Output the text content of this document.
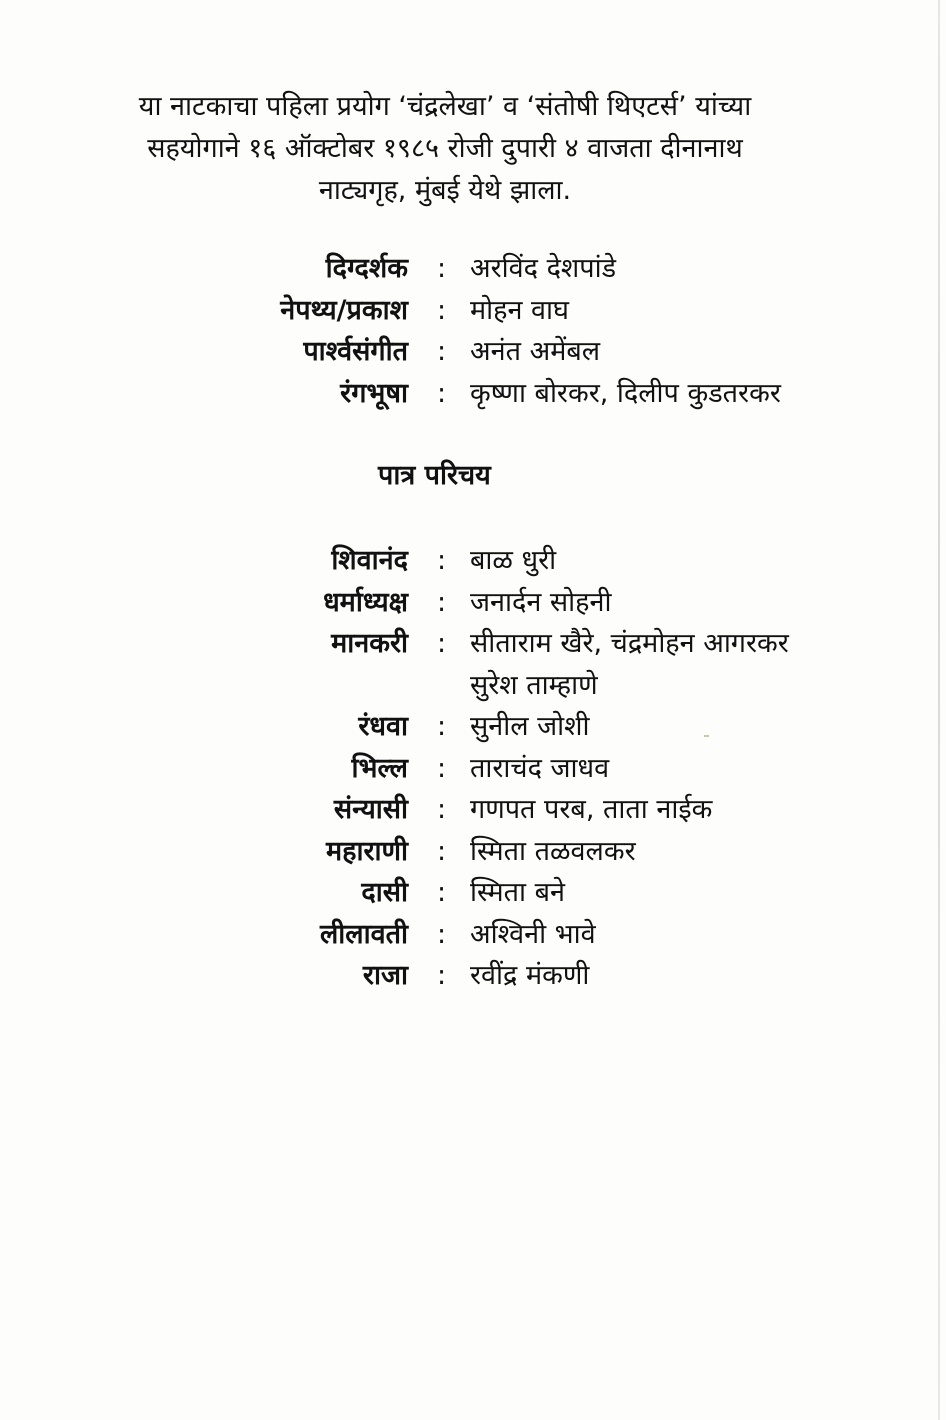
या नाटकाचा पहिला प्रयोग ‘चंद्रलेखा’ व ‘संतोषी थिएटर्स’ यांच्या

सहयोगाने १६ ऑक्टोबर १९८५ रोजी दुपारी ४ वाजता दीनानाथ

नाट्यगृह, मुंबई येथे झाला.

दिग्दर्शक : अरविंद देशपांडे
नेपथ्य/प्रकाश : मोहन वाघ
पार्श्वसंगीत : अनंत अमेंबल
रंगभूषा : कृष्णा बोरकर, दिलीप कुडतरकर
पात्र परिचय
शिवानंद : बाळ धुरी
धर्माध्यक्ष : जनार्दन सोहनी
मानकरी : सीताराम खैरे, चंद्रमोहन आगरकर
सुरेश ताम्हाणे
रंधवा : सुनील जोशी
भिल्ल : ताराचंद जाधव
संन्यासी : गणपत परब, ताता नाईक
महाराणी : स्मिता तळवलकर
दासी : स्मिता बने
लीलावती : अश्विनी भावे
राजा : रवींद्र मंकणी
